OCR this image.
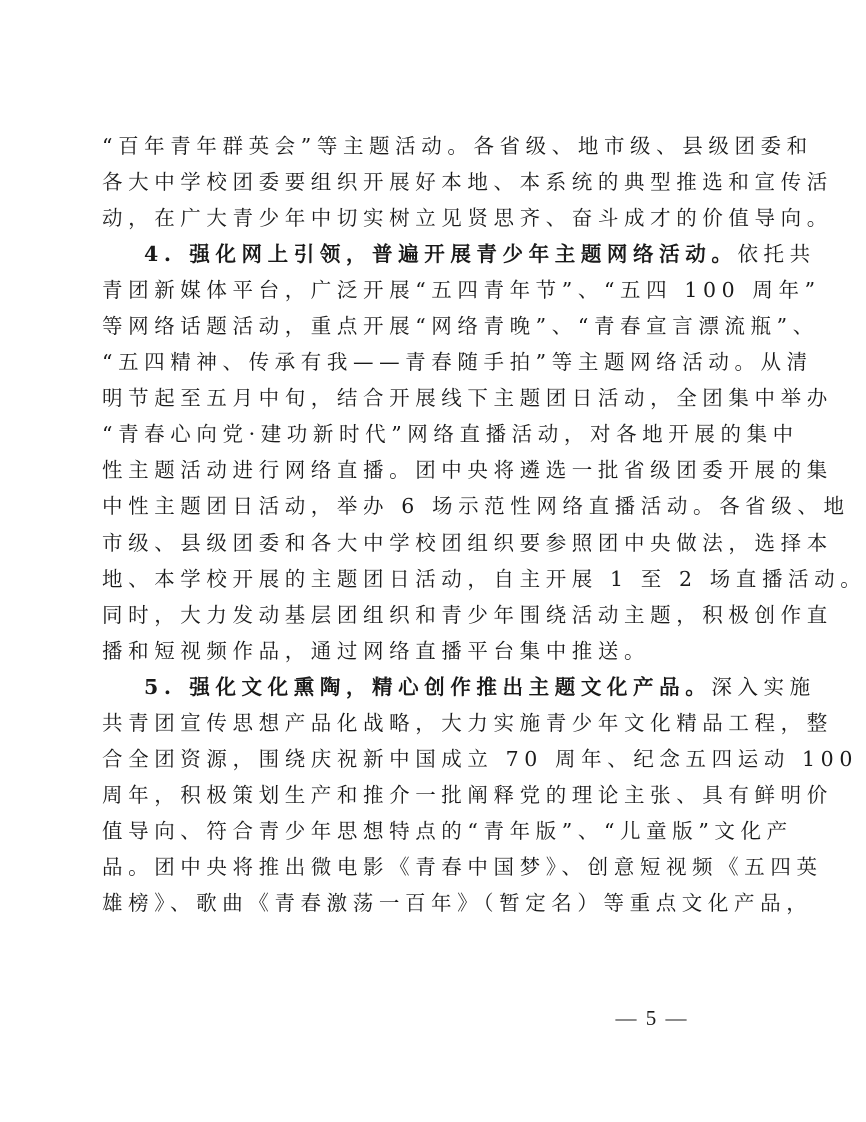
“百年青年群英会”等主题活动。各省级、地市级、县级团委和
各大中学校团委要组织开展好本地、本系统的典型推选和宣传活
动，在广大青少年中切实树立见贤思齐、奋斗成才的价值导向。
4. 强化网上引领，普遍开展青少年主题网络活动。依托共
青团新媒体平台，广泛开展“五四青年节”、“五四 100 周年”
等网络话题活动，重点开展“网络青晚”、“青春宣言漂流瓶”、
“五四精神、传承有我——青春随手拍”等主题网络活动。从清
明节起至五月中旬，结合开展线下主题团日活动，全团集中举办
“青春心向党·建功新时代”网络直播活动，对各地开展的集中
性主题活动进行网络直播。团中央将遴选一批省级团委开展的集
中性主题团日活动，举办 6 场示范性网络直播活动。各省级、地
市级、县级团委和各大中学校团组织要参照团中央做法，选择本
地、本学校开展的主题团日活动，自主开展 1 至 2 场直播活动。
同时，大力发动基层团组织和青少年围绕活动主题，积极创作直
播和短视频作品，通过网络直播平台集中推送。
5. 强化文化熏陶，精心创作推出主题文化产品。深入实施
共青团宣传思想产品化战略，大力实施青少年文化精品工程，整
合全团资源，围绕庆祝新中国成立 70 周年、纪念五四运动 100
周年，积极策划生产和推介一批阐释党的理论主张、具有鲜明价
值导向、符合青少年思想特点的“青年版”、“儿童版”文化产
品。团中央将推出微电影《青春中国梦》、创意短视频《五四英
雄榜》、歌曲《青春激荡一百年》（暂定名）等重点文化产品，
— 5 —
